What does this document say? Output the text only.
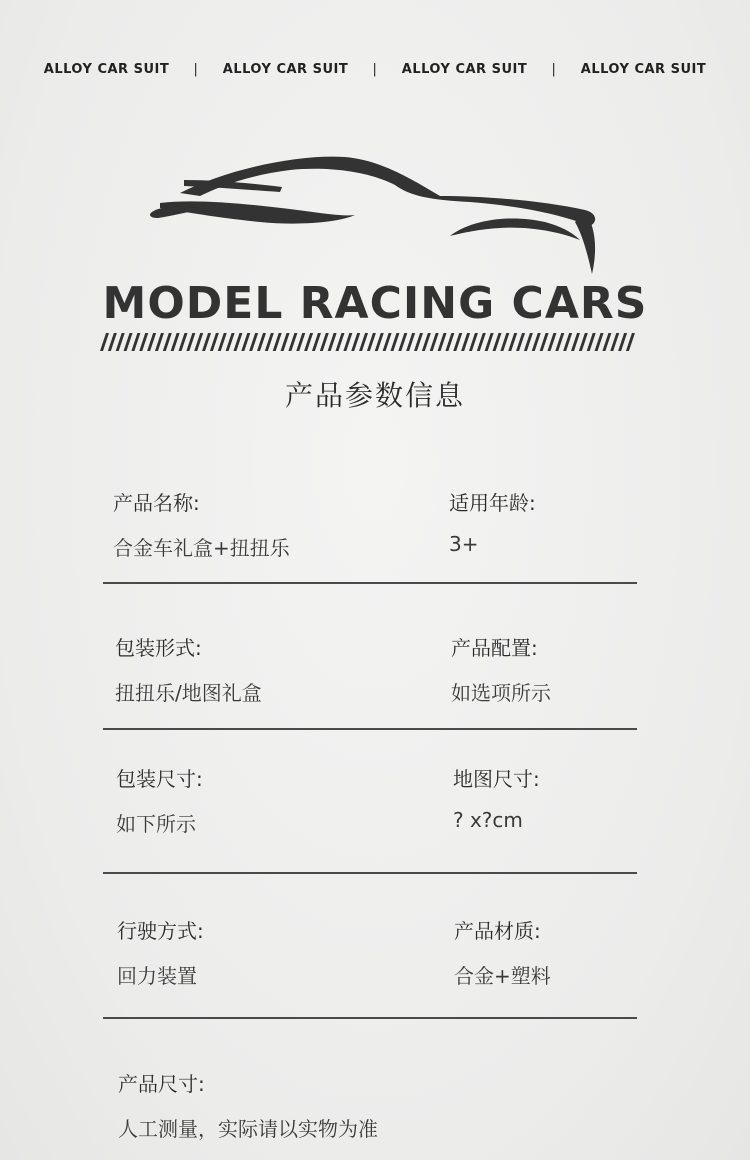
ALLOY CAR SUIT	|	ALLOY CAR SUIT	|	ALLOY CAR SUIT	|	ALLOY CAR SUIT
MODEL RACING CARS
产品参数信息
产品名称:
合金车礼盒+扭扭乐
适用年龄:
3+
包装形式:
扭扭乐/地图礼盒
产品配置:
如选项所示
包装尺寸:
如下所示
地图尺寸:
? x?cm
行驶方式:
回力装置
产品材质:
合金+塑料
产品尺寸:
人工测量，实际请以实物为准
